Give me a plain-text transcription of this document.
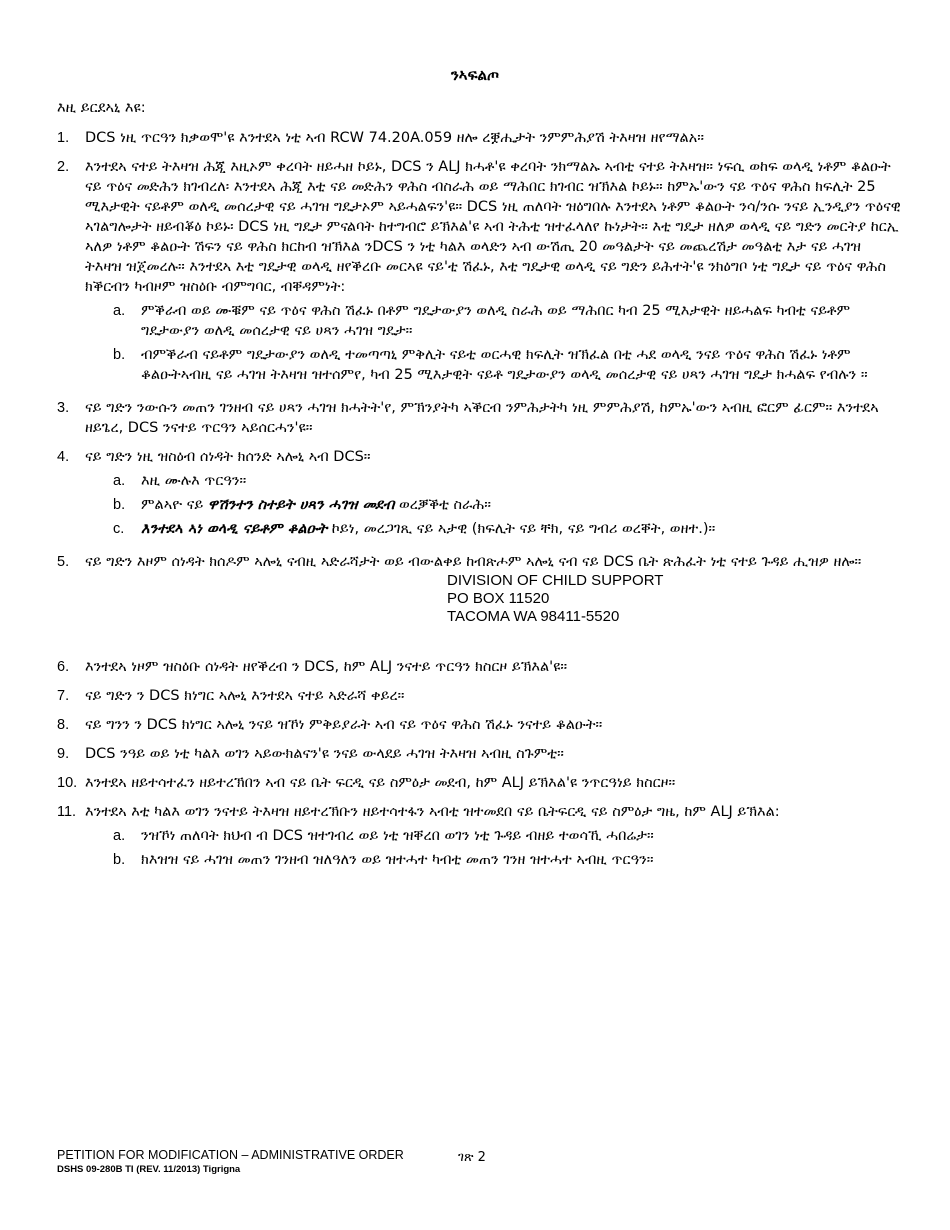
ንኣፍልጦ
እዚ ይርደኣኒ እዩ:
1.	DCS ነዚ ጥርዓን ክቃወሞ'ዩ እንተደኣ ነቲ ኣብ RCW 74.20A.059 ዘሎ ረቛሒታት ንምምሕያሽ ትእዛዝ ዘየማልአ።
2.	እንተደኣ ናተይ ትእዛዝ ሕጂ እዚኦም ቀረባት ዘይሓዘ ኮይኑ, DCS ን ALJ ክሓቶ'ዩ ቀረባት ንክማልኡ ኣብቲ ናተይ ትእዛዝ። ነፍሲ ወከፍ ወላዲ ነቶም ቆልዑት ናይ ጥዕና መድሕን ክገብረለ፡ እንተደኣ ሕጂ እቲ ናይ መድሕን ዋሕስ ብስራሕ ወይ ማሕበር ክገብር ዝኽእል ኮይኑ። ከምኡ'ውን ናይ ጥዕና ዋሕስ ክፍሊት 25 ሚእታዊት ናይቶም ወለዲ መሰረታዊ ናይ ሓገዝ ግዴታኦም ኣይሓልፍን'ዩ። DCS ነዚ ጠለባት ዝዕግበሉ እንተደኣ ነቶም ቆልዑት ንሳ/ንሱ ንናይ ኢንዲያን ጥዕናዊ ኣገልግሎታት ዘይብቖዕ ኮይኑ፡ DCS ነዚ ግዴታ ምናልባት ከተግብሮ ይኽእል'ዩ ኣብ ትሕቲ ዝተፈላለየ ኩነታት። እቲ ግዴታ ዘለዎ ወላዲ ናይ ግድን መርትያ ከርኢ ኣለዎ ነቶም ቆልዑት ሽፍን ናይ ዋሕስ ክርከብ ዝኽእል ንDCS ን ነቲ ካልእ ወላድን ኣብ ውሽጢ 20 መዓልታት ናይ መጨረሽታ መዓልቲ እታ ናይ ሓገዝ ትእዛዝ ዝጀመረሉ። እንተደኣ እቲ ግዴታዊ ወላዲ ዘየቕረቡ መርኣዩ ናይ'ቲ ሽፈኑ, እቲ ግዴታዊ ወላዲ ናይ ግድን ይሕተት'ዩ ንክዕግቦ ነቲ ግዴታ ናይ ጥዕና ዋሕስ ክቕርብን ካብዞም ዝስዕቡ ብምግባር, ብቐዳምነት:
a.	ምቕራብ ወይ ሙቑም ናይ ጥዕና ዋሕስ ሽፈኑ በቶም ግዴታውያን ወለዲ ስራሕ ወይ ማሕበር ካብ 25 ሚእታዊት ዘይሓልፍ ካብቲ ናይቶም ግዴታውያን ወለዲ መሰረታዊ ናይ ሀጻን ሓገዝ ግዴታ።
b.	ብምቕራብ ናይቶም ግዴታውያን ወለዲ ተመጣጣኒ ምቅሊት ናይቲ ወርሓዊ ክፍሊት ዝኽፈል በቲ ሓደ ወላዲ ንናይ ጥዕና ዋሕስ ሽፈኑ ነቶም ቆልዑትኣብዚ ናይ ሓገዝ ትእዛዝ ዝተሰምየ, ካብ 25 ሚእታዊት ናይቶ ግዴታውያን ወላዲ መሰረታዊ ናይ ሀጻን ሓገዝ ግዴታ ክሓልፍ የብሉን ።
3.	ናይ ግድን ንውሱን መጠን ገንዘብ ናይ ሀጻን ሓገዝ ክሓትት'የ, ምኽንያትካ ኣቕርብ ንምሕታትካ ነዚ ምምሕያሽ, ከምኡ'ውን ኣብዚ ፎርም ፊርም። እንተደኣ ዘይጌረ, DCS ንናተይ ጥርዓን ኣይሰርሓን'ዩ።
4.	ናይ ግድን ነዚ ዝስዕብ ሰነዳት ክሰንድ ኣሎኒ ኣብ DCS።
a.	እዚ ሙሉእ ጥርዓን።
b.	ምልኣዮ ናይ ዋሽንተን ስተይት ሀጻን ሓገዝ መደብ ወረቓቕቲ ስራሕ።
c.	እንተደኣ ኣነ ወላዲ ናይቶም ቆልዑት ኮይነ, መረጋገጺ ናይ ኣታዊ (ክፍሊት ናይ ቸክ, ናይ ግብሪ ወረቐት, ወዘተ.)።
5.	ናይ ግድን እዞም ሰነዳት ክሰዶም ኣሎኒ ናብዚ ኣድራሻታት ወይ ብውልቀይ ከብጽሖም ኣሎኒ ናብ ናይ DCS ቤት ጽሕፈት ነቲ ናተይ ጉዳይ ሒዝዎ ዘሎ።
DIVISION OF CHILD SUPPORT
PO BOX 11520
TACOMA WA 98411-5520
6.	እንተደኣ ነዞም ዝስዕቡ ሰነዳት ዘየቕረብ ን DCS, ከም ALJ ንናተይ ጥርዓን ክስርዞ ይኽእል'ዩ።
7.	ናይ ግድን ን DCS ክነግር ኣሎኒ እንተደኣ ናተይ ኣድራሻ ቀይረ።
8.	ናይ ግንን ን DCS ክነግር ኣሎኒ ንናይ ዝኾነ ምቅይያራት ኣብ ናይ ጥዕና ዋሕስ ሽፈኑ ንናተይ ቆልዑት።
9.	DCS ንዓይ ወይ ነቲ ካልእ ወገን ኣይውክልናን'ዩ ንናይ ውላደይ ሓገዝ ትእዛዝ ኣብዚ ስጉምቲ።
10. እንተደኣ ዘይተሳተፈን ዘይተረኽበን ኣብ ናይ ቤት ፍርዲ ናይ ስምዕታ መደብ, ከም ALJ ይኽእል'ዩ ንጥርዓነይ ክስርዞ።
11. እንተደኣ እቲ ካልእ ወገን ንናተይ ትእዛዝ ዘይተረኽቡን ዘይተሳተፋን ኣብቲ ዝተመደበ ናይ ቤትፍርዲ ናይ ስምዕታ ግዜ, ከም ALJ ይኽእል:
a.	ንዝኾነ ጠለባት ክህብ ብ DCS ዝተገብረ ወይ ነቲ ዝቐረበ ወገን ነቲ ጉዳይ ብዘይ ተወሳኺ ሓበሬታ።
b.	ክእዝዝ ናይ ሓገዝ መጠን ገንዘብ ዝለዓለን ወይ ዝተሓተ ካብቲ መጠን ገንዘ ዝተሓተ ኣብዚ ጥርዓን።
PETITION FOR MODIFICATION – ADMINISTRATIVE ORDER
DSHS 09-280B TI (REV. 11/2013) Tigrigna
ገጽ 2
